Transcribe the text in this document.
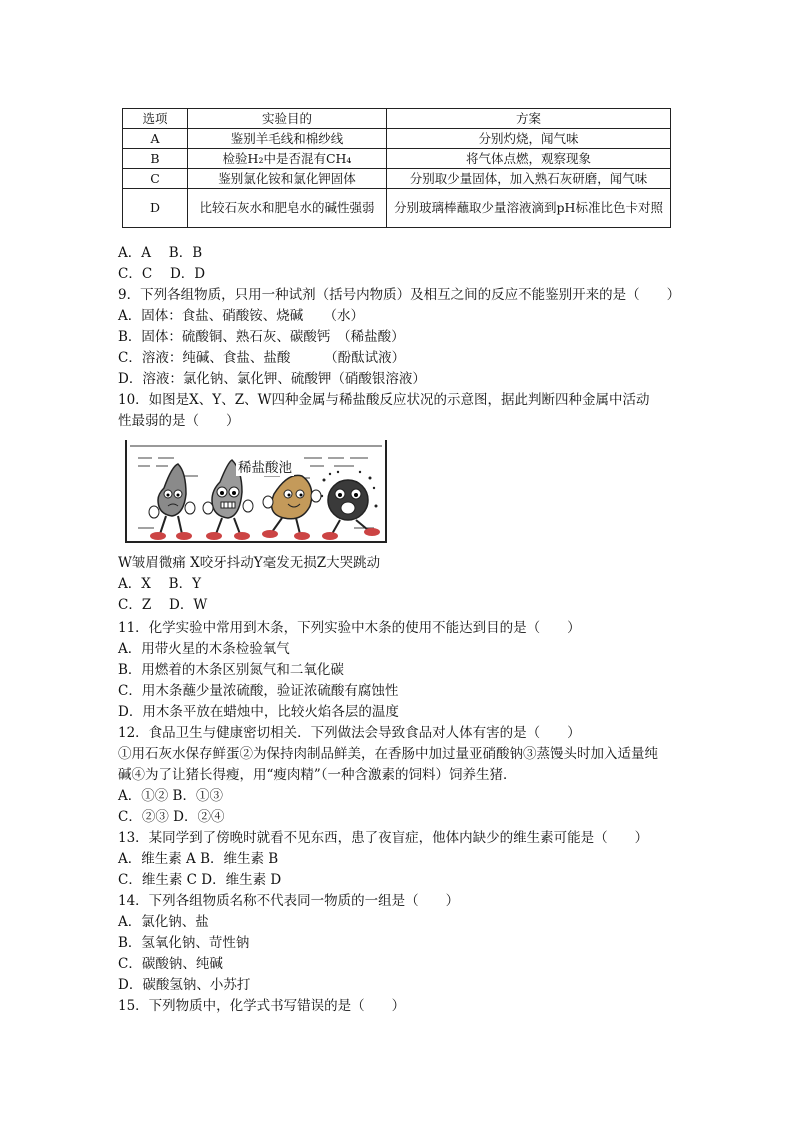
选项	实验目的	方案
A	鉴别羊毛线和棉纱线	分别灼烧，闻气味
B	检验H₂中是否混有CH₄	将气体点燃，观察现象
C	鉴别氯化铵和氯化钾固体	分别取少量固体，加入熟石灰研磨，闻气味
D	比较石灰水和肥皂水的碱性强弱	分别玻璃棒蘸取少量溶液滴到pH标准比色卡对照
A．A　 B．B
C．C　 D．D
9．下列各组物质，只用一种试剂（括号内物质）及相互之间的反应不能鉴别开来的是（　　）
A．固体：食盐、硝酸铵、烧碱　　（水）
B．固体：硫酸铜、熟石灰、碳酸钙　（稀盐酸）
C．溶液：纯碱、食盐、盐酸　　　（酚酞试液）
D．溶液：氯化钠、氯化钾、硫酸钾（硝酸银溶液）
10．如图是X、Y、Z、W四种金属与稀盐酸反应状况的示意图，据此判断四种金属中活动
性最弱的是（　　）
稀盐酸池
W皱眉微痛 X咬牙抖动Y毫发无损Z大哭跳动
A．X　 B．Y
C．Z　 D．W
11．化学实验中常用到木条，下列实验中木条的使用不能达到目的是（　　）
A．用带火星的木条检验氧气
B．用燃着的木条区别氮气和二氧化碳
C．用木条蘸少量浓硫酸，验证浓硫酸有腐蚀性
D．用木条平放在蜡烛中，比较火焰各层的温度
12．食品卫生与健康密切相关．下列做法会导致食品对人体有害的是（　　）
①用石灰水保存鲜蛋②为保持肉制品鲜美，在香肠中加过量亚硝酸钠③蒸馒头时加入适量纯
碱④为了让猪长得瘦，用“瘦肉精”（一种含激素的饲料）饲养生猪．
A．①② B．①③
C．②③ D．②④
13．某同学到了傍晚时就看不见东西，患了夜盲症，他体内缺少的维生素可能是（　　）
A．维生素 A B．维生素 B
C．维生素 C D．维生素 D
14．下列各组物质名称不代表同一物质的一组是（　　）
A．氯化钠、盐
B．氢氧化钠、苛性钠
C．碳酸钠、纯碱
D．碳酸氢钠、小苏打
15．下列物质中，化学式书写错误的是（　　）
